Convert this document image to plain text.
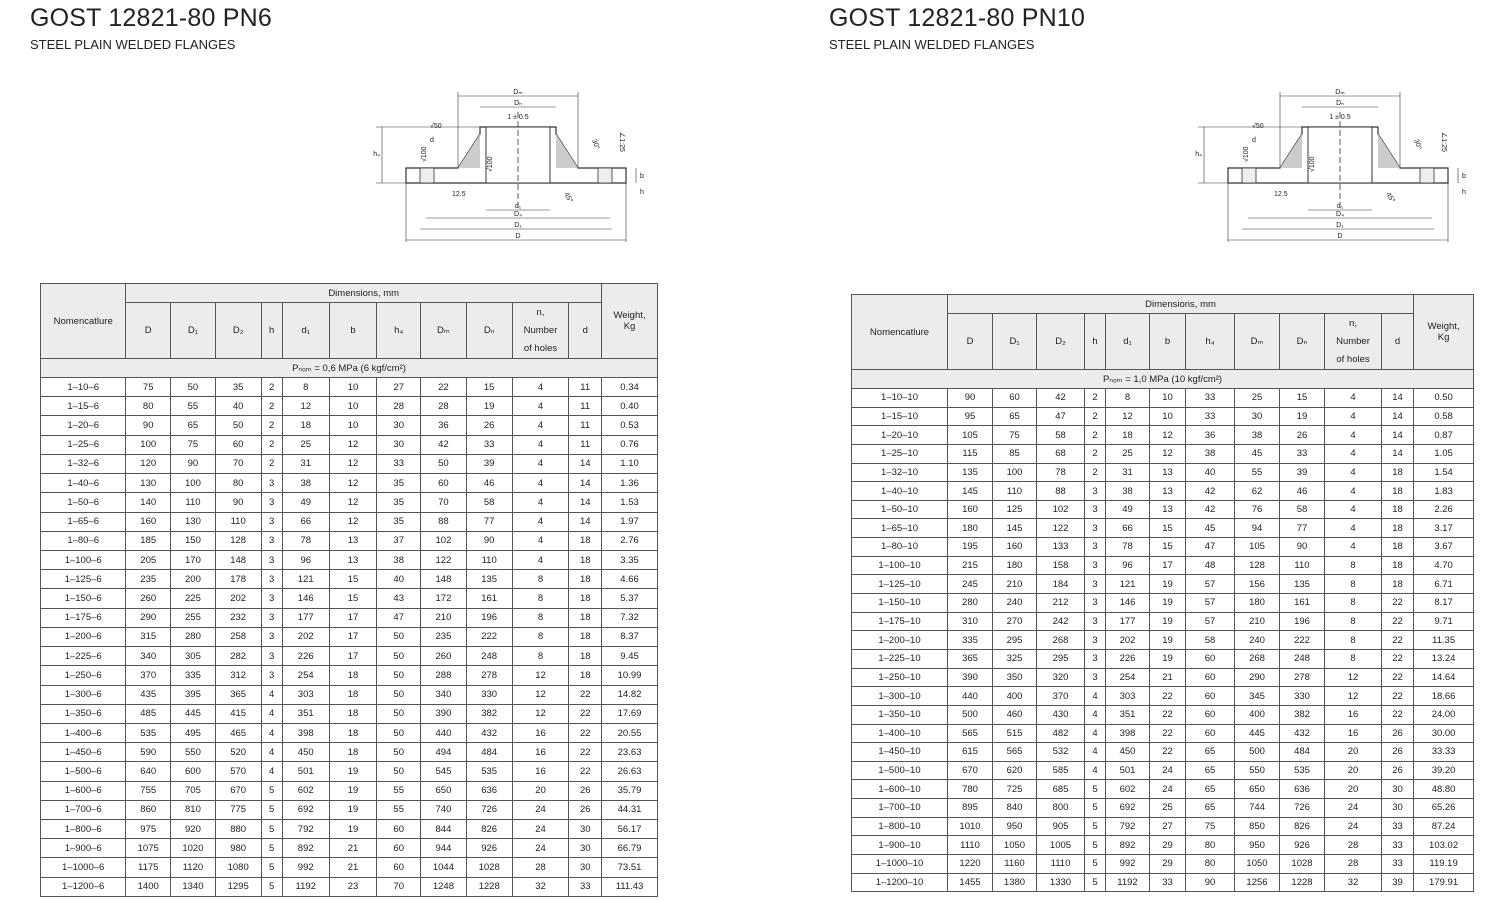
GOST 12821-80 PN6
STEEL PLAIN WELDED FLANGES
Dₘ
Dₙ
D₄
D₁
D
d₁
1 ± 0.5
h₄
√50
d
√100
√100
12.5
30°	∠1:25
45°
b
h
Nomencatlure	Dimensions, mm											Weight,
Kg

	D	D₁	D₂	h	d₁	b	h₄	Dₘ	Dₙ	n,
Number
of holes	d	
Pₙₒₘ = 0,6 MPa (6 kgf/cm²)												
1–10–6	75	50	35	2	8	10	27	22	15	4	11	0.34
1–15–6	80	55	40	2	12	10	28	28	19	4	11	0.40
1–20–6	90	65	50	2	18	10	30	36	26	4	11	0.53
1–25–6	100	75	60	2	25	12	30	42	33	4	11	0.76
1–32–6	120	90	70	2	31	12	33	50	39	4	14	1.10
1–40–6	130	100	80	3	38	12	35	60	46	4	14	1.36
1–50–6	140	110	90	3	49	12	35	70	58	4	14	1.53
1–65–6	160	130	110	3	66	12	35	88	77	4	14	1.97
1–80–6	185	150	128	3	78	13	37	102	90	4	18	2.76
1–100–6	205	170	148	3	96	13	38	122	110	4	18	3.35
1–125–6	235	200	178	3	121	15	40	148	135	8	18	4.66
1–150–6	260	225	202	3	146	15	43	172	161	8	18	5.37
1–175–6	290	255	232	3	177	17	47	210	196	8	18	7.32
1–200–6	315	280	258	3	202	17	50	235	222	8	18	8.37
1–225–6	340	305	282	3	226	17	50	260	248	8	18	9.45
1–250–6	370	335	312	3	254	18	50	288	278	12	18	10.99
1–300–6	435	395	365	4	303	18	50	340	330	12	22	14.82
1–350–6	485	445	415	4	351	18	50	390	382	12	22	17.69
1–400–6	535	495	465	4	398	18	50	440	432	16	22	20.55
1–450–6	590	550	520	4	450	18	50	494	484	16	22	23.63
1–500–6	640	600	570	4	501	19	50	545	535	16	22	26.63
1–600–6	755	705	670	5	602	19	55	650	636	20	26	35.79
1–700–6	860	810	775	5	692	19	55	740	726	24	26	44.31
1–800–6	975	920	880	5	792	19	60	844	826	24	30	56.17
1–900–6	1075	1020	980	5	892	21	60	944	926	24	30	66.79
1–1000–6	1175	1120	1080	5	992	21	60	1044	1028	28	30	73.51
1–1200–6	1400	1340	1295	5	1192	23	70	1248	1228	32	33	111.43
GOST 12821-80 PN10
STEEL PLAIN WELDED FLANGES
Dₘ
Dₙ
D₄
D₁
D
d₁
1 ± 0.5
h₄
√50
d
√100
√100
12.5
30°	∠1:25
45°
b
h
Nomencatlure	Dimensions, mm											Weight,
Kg

	D	D₁	D₂	h	d₁	b	h₄	Dₘ	Dₙ	n,
Number
of holes	d	
Pₙₒₘ = 1,0 MPa (10 kgf/cm²)												
1–10–10	90	60	42	2	8	10	33	25	15	4	14	0.50
1–15–10	95	65	47	2	12	10	33	30	19	4	14	0.58
1–20–10	105	75	58	2	18	12	36	38	26	4	14	0.87
1–25–10	115	85	68	2	25	12	38	45	33	4	14	1.05
1–32–10	135	100	78	2	31	13	40	55	39	4	18	1.54
1–40–10	145	110	88	3	38	13	42	62	46	4	18	1.83
1–50–10	160	125	102	3	49	13	42	76	58	4	18	2.26
1–65–10	180	145	122	3	66	15	45	94	77	4	18	3.17
1–80–10	195	160	133	3	78	15	47	105	90	4	18	3.67
1–100–10	215	180	158	3	96	17	48	128	110	8	18	4.70
1–125–10	245	210	184	3	121	19	57	156	135	8	18	6.71
1–150–10	280	240	212	3	146	19	57	180	161	8	22	8.17
1–175–10	310	270	242	3	177	19	57	210	196	8	22	9.71
1–200–10	335	295	268	3	202	19	58	240	222	8	22	11.35
1–225–10	365	325	295	3	226	19	60	268	248	8	22	13.24
1–250–10	390	350	320	3	254	21	60	290	278	12	22	14.64
1–300–10	440	400	370	4	303	22	60	345	330	12	22	18.66
1–350–10	500	460	430	4	351	22	60	400	382	16	22	24.00
1–400–10	565	515	482	4	398	22	60	445	432	16	26	30.00
1–450–10	615	565	532	4	450	22	65	500	484	20	26	33.33
1–500–10	670	620	585	4	501	24	65	550	535	20	26	39.20
1–600–10	780	725	685	5	602	24	65	650	636	20	30	48.80
1–700–10	895	840	800	5	692	25	65	744	726	24	30	65.26
1–800–10	1010	950	905	5	792	27	75	850	826	24	33	87.24
1–900–10	1110	1050	1005	5	892	29	80	950	926	28	33	103.02
1–1000–10	1220	1160	1110	5	992	29	80	1050	1028	28	33	119.19
1–1200–10	1455	1380	1330	5	1192	33	90	1256	1228	32	39	179.91
